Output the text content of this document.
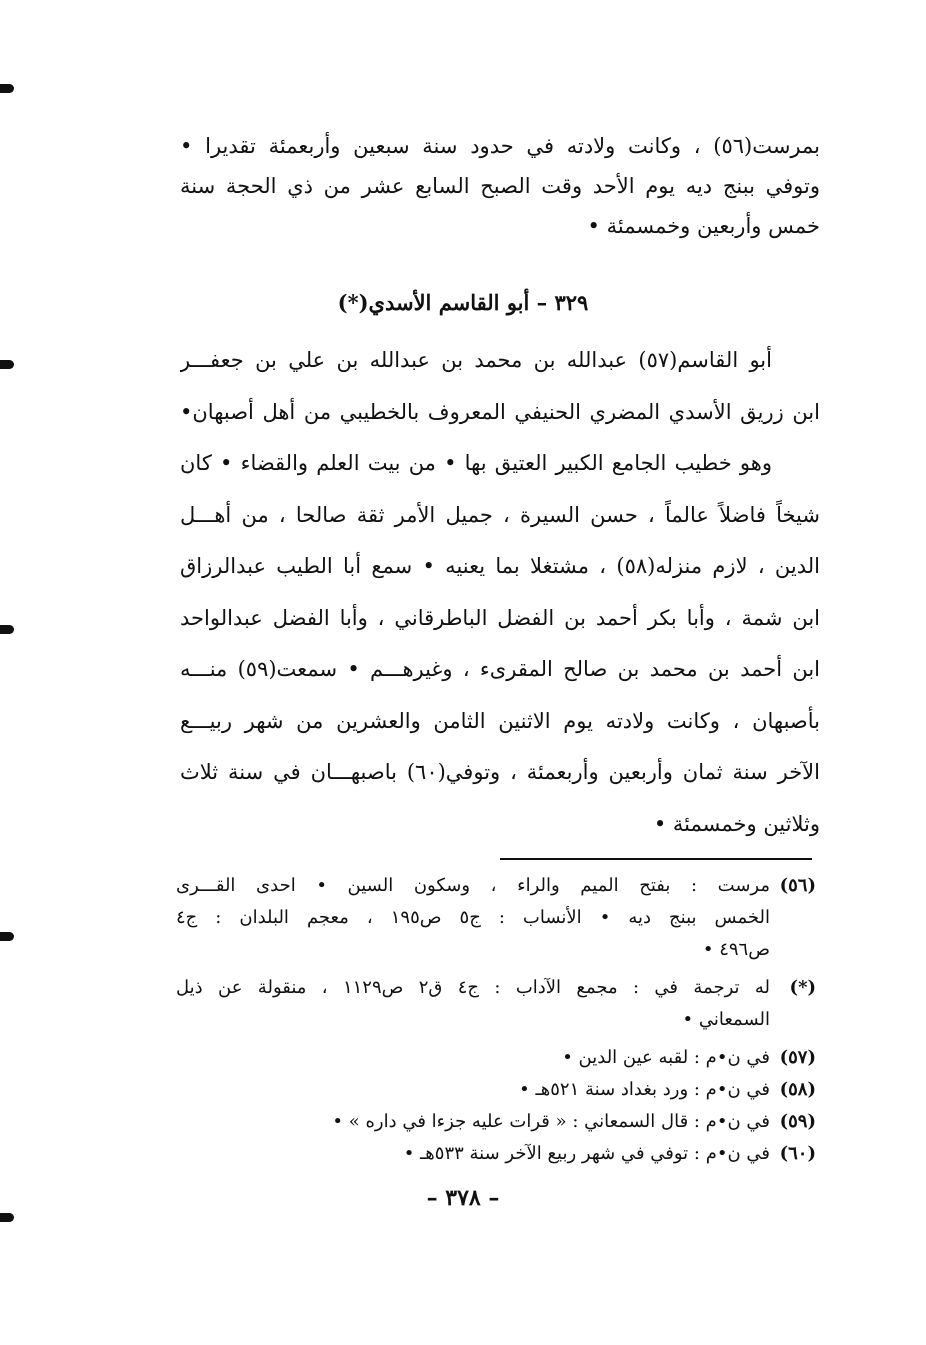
بمرست(٥٦) ، وكانت ولادته في حدود سنة سبعين وأربعمئة تقديرا •
وتوفي ببنج ديه يوم الأحد وقت الصبح السابع عشر من ذي الحجة سنة
خمس وأربعين وخمسمئة •
٣٢٩ – أبو القاسم الأسدي(*)
أبو القاسم(٥٧) عبدالله بن محمد بن عبدالله بن علي بن جعفـــر
ابن زريق الأسدي المضري الحنيفي المعروف بالخطيبي من أهل أصبهان•
وهو خطيب الجامع الكبير العتيق بها • من بيت العلم والقضاء • كان
شيخاً فاضلاً عالماً ، حسن السيرة ، جميل الأمر ثقة صالحا ، من أهـــل
الدين ، لازم منزله(٥٨) ، مشتغلا بما يعنيه • سمع أبا الطيب عبدالرزاق
ابن شمة ، وأبا بكر أحمد بن الفضل الباطرقاني ، وأبا الفضل عبدالواحد
ابن أحمد بن محمد بن صالح المقرىء ، وغيرهـــم • سمعت(٥٩) منـــه
بأصبهان ، وكانت ولادته يوم الاثنين الثامن والعشرين من شهر ربيـــع
الآخر سنة ثمان وأربعين وأربعمئة ، وتوفي(٦٠) باصبهـــان في سنة ثلاث
وثلاثين وخمسمئة •
(٥٦)
مرست : بفتح الميم والراء ، وسكون السين • احدى القـــرى
الخمس ببنج ديه • الأنساب : ج٥ ص١٩٥ ، معجم البلدان : ج٤
ص٤٩٦ •
(*)
له ترجمة في : مجمع الآداب : ج٤ ق٢ ص١١٢٩ ، منقولة عن ذيل
السمعاني •
(٥٧)
في ن•م : لقبه عين الدين •
(٥٨)
في ن•م : ورد بغداد سنة ٥٢١هـ •
(٥٩)
في ن•م : قال السمعاني : « قرات عليه جزءا في داره » •
(٦٠)
في ن•م : توفي في شهر ربيع الآخر سنة ٥٣٣هـ •
– ٣٧٨ –
